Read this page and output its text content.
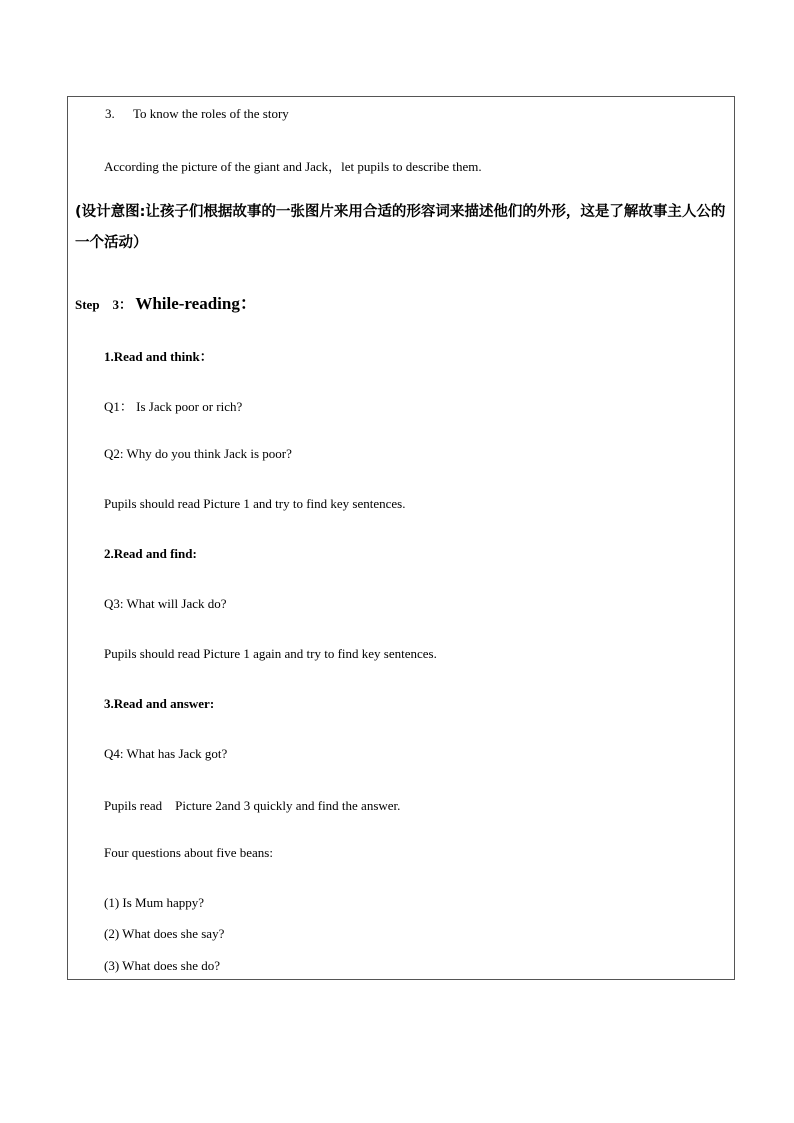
3. To know the roles of the story
According the picture of the giant and Jack，let pupils to describe them.
(设计意图:让孩子们根据故事的一张图片来用合适的形容词来描述他们的外形，这是了解故事主人公的一个活动）
Step　3： While-reading：
1.Read and think：
Q1： Is Jack poor or rich?
Q2: Why do you think Jack is poor?
Pupils should read Picture 1 and try to find key sentences.
2.Read and find:
Q3: What will Jack do?
Pupils should read Picture 1 again and try to find key sentences.
3.Read and answer:
Q4: What has Jack got?
Pupils read　Picture 2and 3 quickly and find the answer.
Four questions about five beans:
(1) Is Mum happy?
(2) What does she say?
(3) What does she do?
